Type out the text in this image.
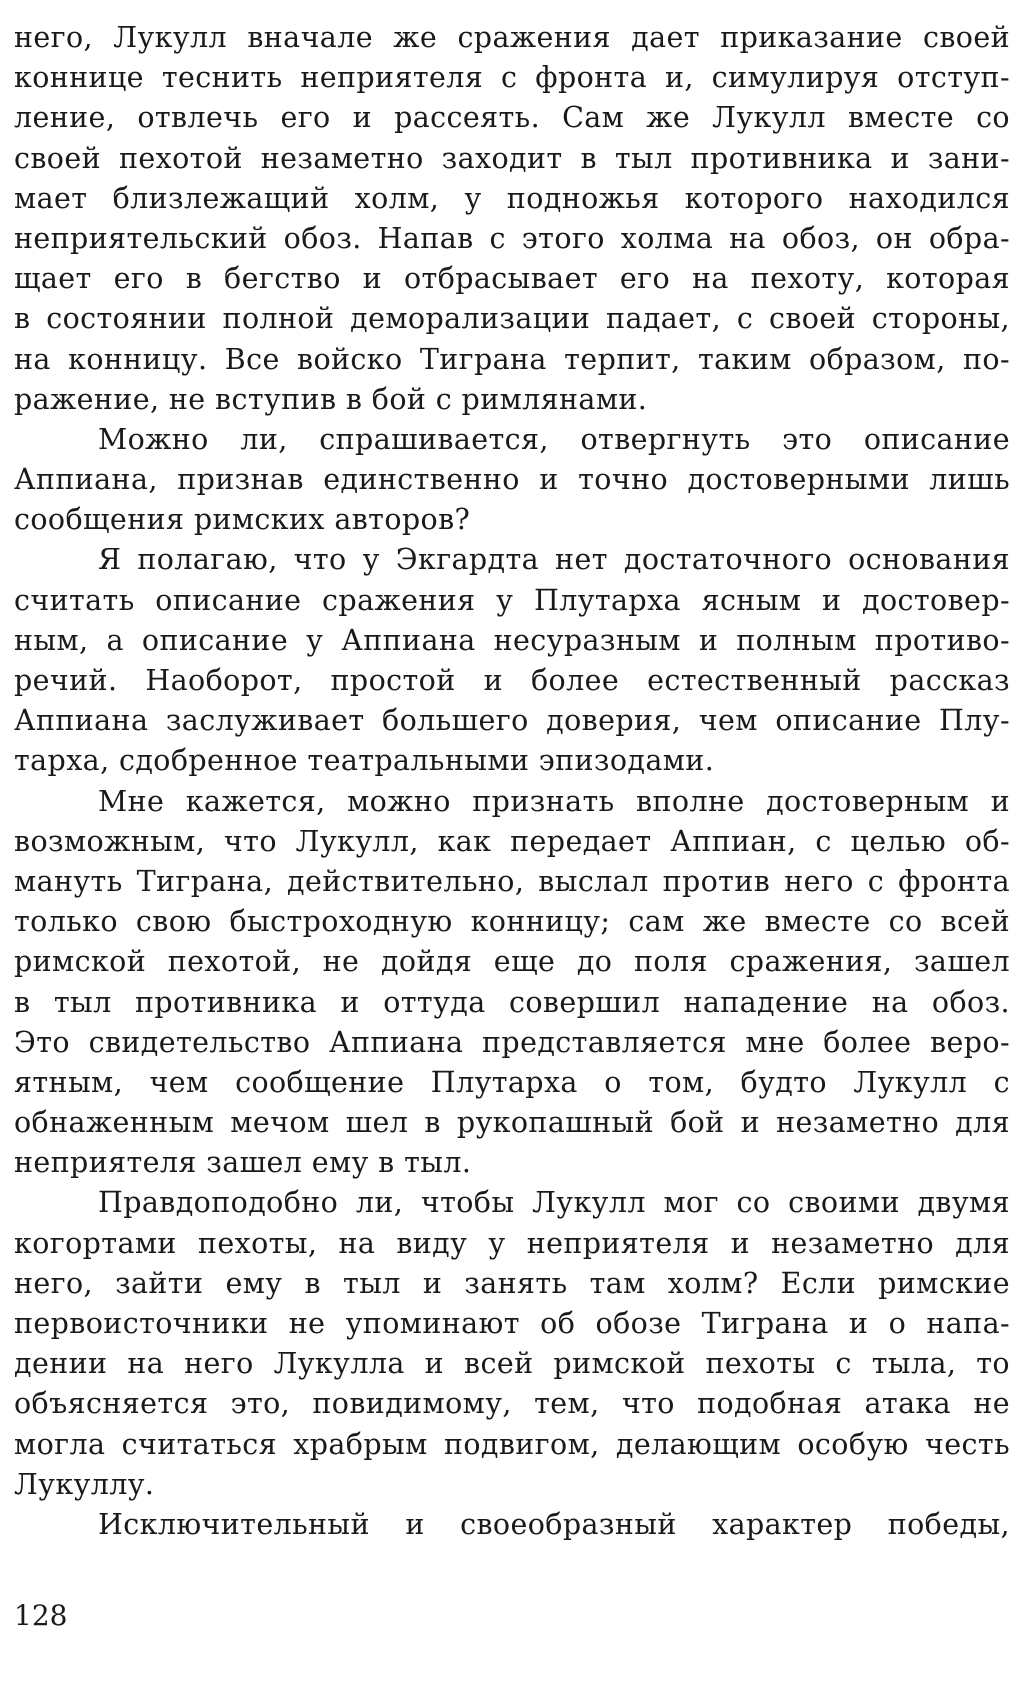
него, Лукулл вначале же сражения дает приказание своей
коннице теснить неприятеля с фронта и, симулируя отступ-
ление, отвлечь его и рассеять. Сам же Лукулл вместе со
своей пехотой незаметно заходит в тыл противника и зани-
мает близлежащий холм, у подножья которого находился
неприятельский обоз. Напав с этого холма на обоз, он обра-
щает его в бегство и отбрасывает его на пехоту, которая
в состоянии полной деморализации падает, с своей стороны,
на конницу. Все войско Тиграна терпит, таким образом, по-
ражение, не вступив в бой с римлянами.
Можно ли, спрашивается, отвергнуть это описание
Аппиана, признав единственно и точно достоверными лишь
сообщения римских авторов?
Я полагаю, что у Экгардта нет достаточного основания
считать описание сражения у Плутарха ясным и достовер-
ным, а описание у Аппиана несуразным и полным противо-
речий. Наоборот, простой и более естественный рассказ
Аппиана заслуживает большего доверия, чем описание Плу-
тарха, сдобренное театральными эпизодами.
Мне кажется, можно признать вполне достоверным и
возможным, что Лукулл, как передает Аппиан, с целью об-
мануть Тиграна, действительно, выслал против него с фронта
только свою быстроходную конницу; сам же вместе со всей
римской пехотой, не дойдя еще до поля сражения, зашел
в тыл противника и оттуда совершил нападение на обоз.
Это свидетельство Аппиана представляется мне более веро-
ятным, чем сообщение Плутарха о том, будто Лукулл с
обнаженным мечом шел в рукопашный бой и незаметно для
неприятеля зашел ему в тыл.
Правдоподобно ли, чтобы Лукулл мог со своими двумя
когортами пехоты, на виду у неприятеля и незаметно для
него, зайти ему в тыл и занять там холм? Если римские
первоисточники не упоминают об обозе Тиграна и о напа-
дении на него Лукулла и всей римской пехоты с тыла, то
объясняется это, повидимому, тем, что подобная атака не
могла считаться храбрым подвигом, делающим особую честь
Лукуллу.
Исключительный и своеобразный характер победы,
128
